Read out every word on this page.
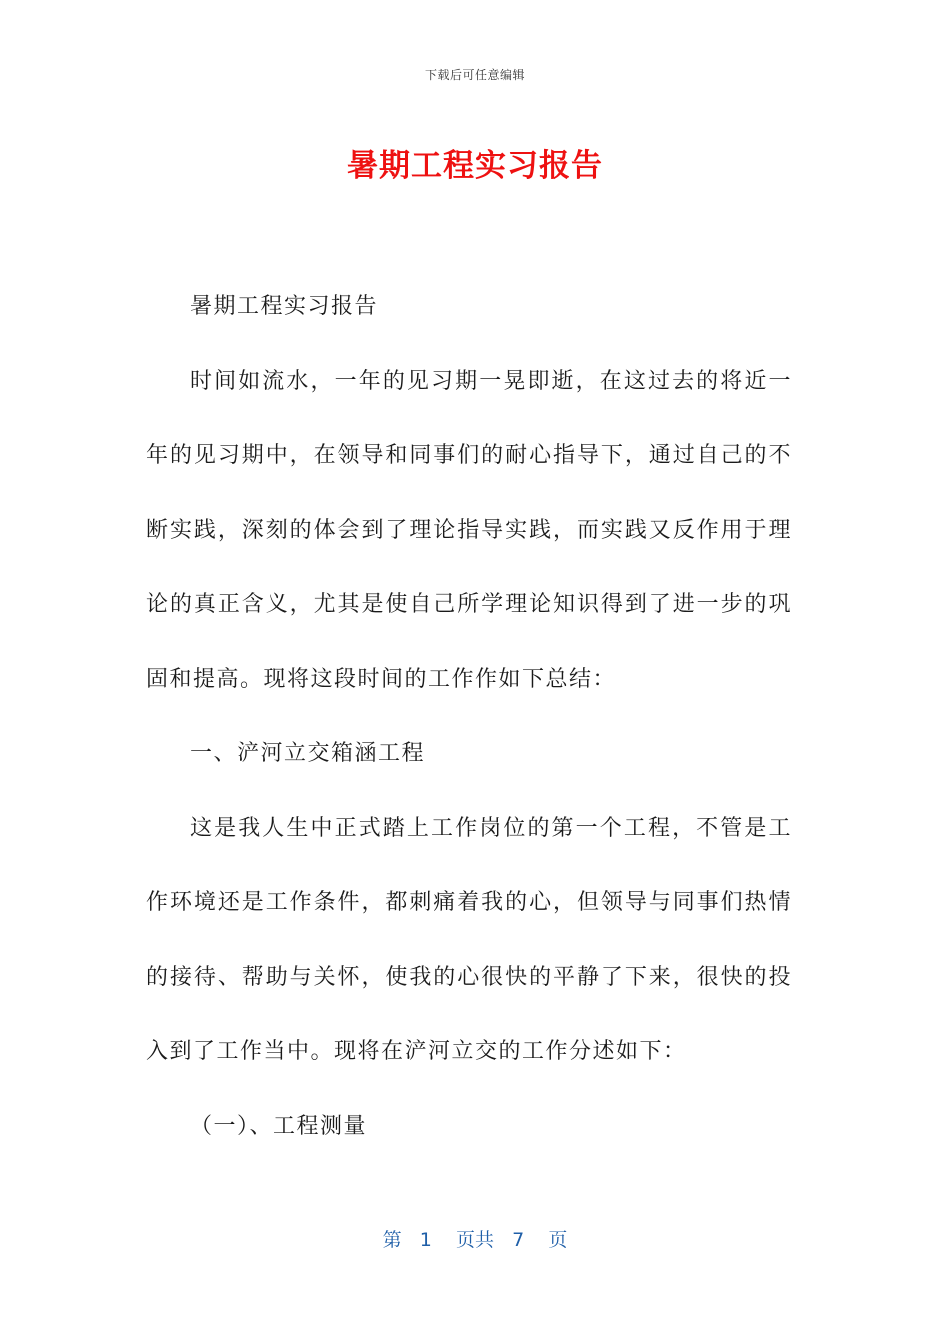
下载后可任意编辑
暑期工程实习报告

暑期工程实习报告

时间如流水，一年的见习期一晃即逝，在这过去的将近一年的见习期中，在领导和同事们的耐心指导下，通过自己的不断实践，深刻的体会到了理论指导实践，而实践又反作用于理论的真正含义，尤其是使自己所学理论知识得到了进一步的巩固和提高。现将这段时间的工作作如下总结：

一、浐河立交箱涵工程

这是我人生中正式踏上工作岗位的第一个工程，不管是工作环境还是工作条件，都刺痛着我的心，但领导与同事们热情的接待、帮助与关怀，使我的心很快的平静了下来，很快的投入到了工作当中。现将在浐河立交的工作分述如下：

（一）、工程测量

第 1 页共 7 页
